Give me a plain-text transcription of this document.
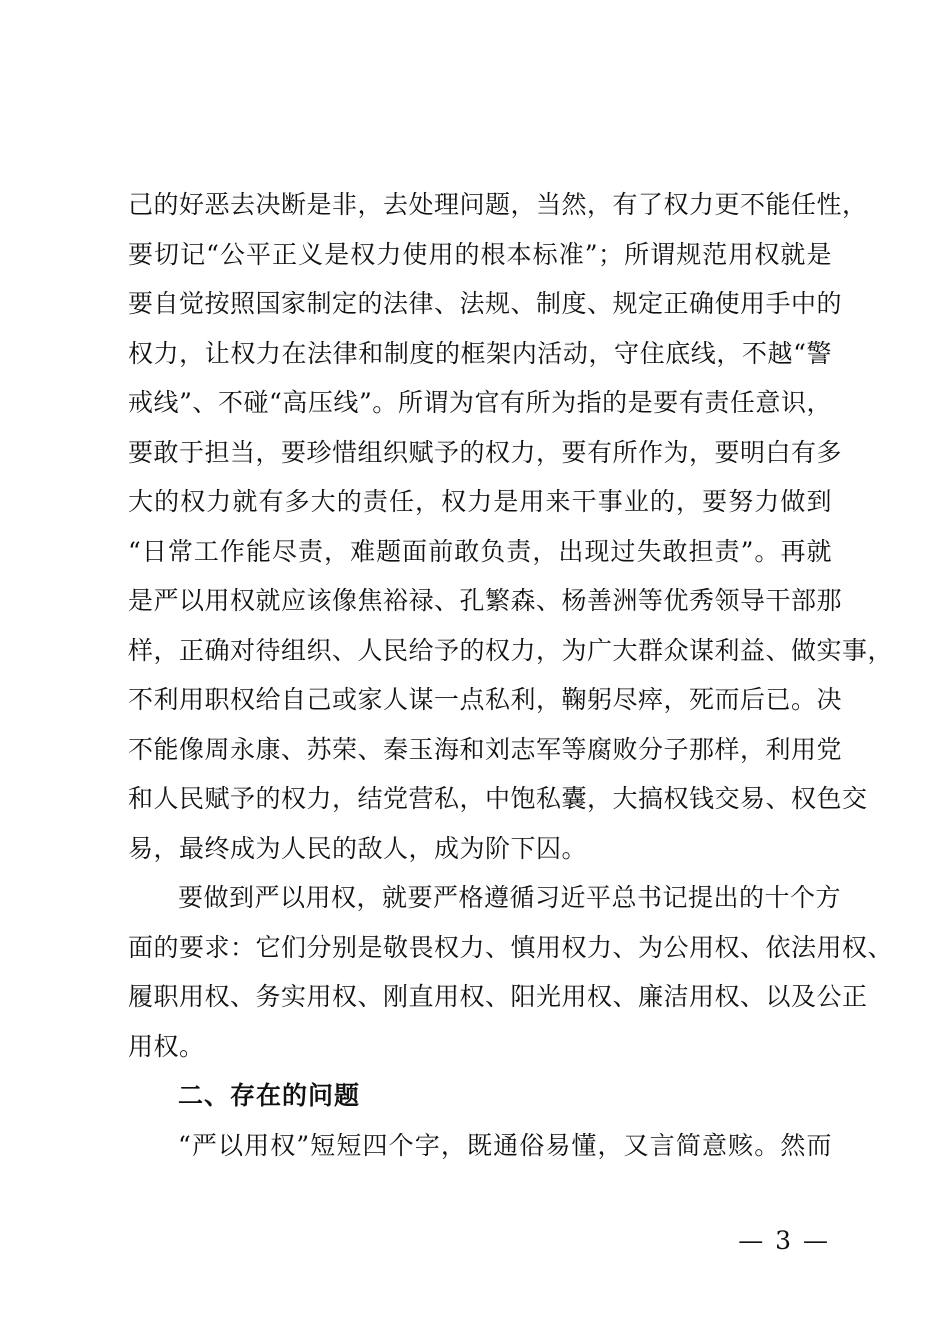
己的好恶去决断是非，去处理问题，当然，有了权力更不能任性，
要切记“公平正义是权力使用的根本标准”；所谓规范用权就是
要自觉按照国家制定的法律、法规、制度、规定正确使用手中的
权力，让权力在法律和制度的框架内活动，守住底线，不越“警
戒线”、不碰“高压线”。所谓为官有所为指的是要有责任意识，
要敢于担当，要珍惜组织赋予的权力，要有所作为，要明白有多
大的权力就有多大的责任，权力是用来干事业的，要努力做到
“日常工作能尽责，难题面前敢负责，出现过失敢担责”。再就
是严以用权就应该像焦裕禄、孔繁森、杨善洲等优秀领导干部那
样，正确对待组织、人民给予的权力，为广大群众谋利益、做实事，
不利用职权给自己或家人谋一点私利，鞠躬尽瘁，死而后已。决
不能像周永康、苏荣、秦玉海和刘志军等腐败分子那样，利用党
和人民赋予的权力，结党营私，中饱私囊，大搞权钱交易、权色交
易，最终成为人民的敌人，成为阶下囚。
要做到严以用权，就要严格遵循习近平总书记提出的十个方
面的要求：它们分别是敬畏权力、慎用权力、为公用权、依法用权、
履职用权、务实用权、刚直用权、阳光用权、廉洁用权、以及公正
用权。
二、存在的问题
“严以用权”短短四个字，既通俗易懂，又言简意赅。然而
— 3 —
